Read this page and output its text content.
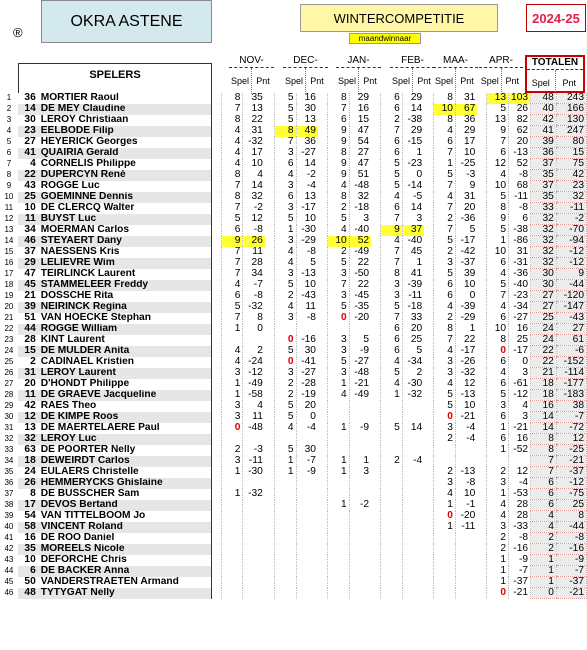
®
OKRA ASTENE	WINTERCOMPETITIE
maandwinnaar
2024-25
SPELERS
NOV-
Spel Pnt
DEC-
Spel Pnt
JAN-
Spel Pnt
FEB-
Spel Pnt
MAA-
Spel Pnt
APR-
Spel Pnt
TOTALEN
Spel	Pnt
1	36	MORTIER Raoul		8	35		5	16		8	29		6	29		8	31		13	103	48	243
2	14	DE MEY Claudine		7	13		5	30		7	16		6	14		10	67		5	26	40	166
3	30	LEROY Christiaan		8	22		5	13		6	15		2	-38		8	36		13	82	42	130
4	23	EELBODE Filip		4	31		8	49		9	47		7	29		4	29		9	62	41	247
5	27	HEYERICK Georges		4	-32		7	36		9	54		6	-15		6	17		7	20	39	80
6	41	QUAIRIA Gerald		4	17		3	-27		8	27		6	1		7	10		6	-13	36	15
7	4	CORNELIS Philippe		4	10		6	14		9	47		5	-23		1	-25		12	52	37	75
8	22	DUPERCYN René		8	4		4	-2		9	51		5	0		5	-3		4	-8	35	42
9	43	ROGGE Luc		7	14		3	-4		4	-48		5	-14		7	9		10	68	37	23
10	25	GOEMINNE Dennis		8	32		6	13		8	32		4	-5		4	31		5	-11	35	32
11	10	DE CLERCQ Walter		7	-2		3	-17		2	-18		6	14		7	20		8	-8	33	-11
12	11	BUYST Luc		5	12		5	10		5	3		7	3		2	-36		9	6	32	-2
13	34	MOERMAN Carlos		6	-8		1	-30		4	-40		9	37		7	5		5	-38	32	-70
14	46	STEYAERT Dany		9	26		3	-29		10	52		4	-40		5	-17		1	-86	32	-94
15	37	NAESSENS Kris		7	11		4	-8		2	-49		7	45		2	-42		10	31	32	-12
16	29	LELIEVRE Wim		7	28		4	5		5	22		7	1		3	-37		6	-31	32	-12
17	47	TEIRLINCK Laurent		7	34		3	-13		3	-50		8	41		5	39		4	-36	30	9
18	45	STAMMELEER Freddy		4	-7		5	10		7	22		3	-39		6	10		5	-40	30	-44
19	21	DOSSCHE Rita		6	-8		2	-43		3	-45		3	-11		6	0		7	-23	27	-120
20	39	NEIRINCK Regina		5	-32		4	11		5	-35		5	-18		4	-39		4	-34	27	-147
21	51	VAN HOECKE Stephan		7	8		3	-8		0	-20		7	33		2	-29		6	-27	25	-43
22	44	ROGGE William		1	0								6	20		8	1		10	16	24	27
23	28	KINT Laurent					0	-16		3	5		6	25		7	22		8	25	24	61
24	15	DE MULDER Anita		4	2		5	30		3	-9		6	5		4	-17		0	-17	22	-6
25	2	CADINAEL Kristien		4	-24		0	-41		5	-27		4	-34		3	-26		6	0	22	-152
26	31	LEROY Laurent		3	-12		3	-27		3	-48		5	2		3	-32		4	3	21	-114
27	20	D'HONDT Philippe		1	-49		2	-28		1	-21		4	-30		4	12		6	-61	18	-177
28	11	DE GRAEVE Jacqueline		1	-58		2	-19		4	-49		1	-32		5	-13		5	-12	18	-183
29	42	RAES Theo		3	4		5	20								5	10		3	4	16	38
30	12	DE KIMPE Roos		3	11		5	0								0	-21		6	3	14	-7
31	13	DE MAERTELAERE Paul		0	-48		4	-4		1	-9		5	14		3	-4		1	-21	14	-72
32	32	LEROY Luc														2	-4		6	16	8	12
33	63	DE POORTER Nelly		2	-3		5	30											1	-52	8	-25
34	18	DEWEIRDT Carlos		3	-11		1	-7		1	1		2	-4							7	-21
35	24	EULAERS Christelle		1	-30		1	-9		1	3					2	-13		2	12	7	-37
36	26	HEMMERYCKS Ghislaine														3	-8		3	-4	6	-12
37	8	DE BUSSCHER Sam		1	-32											4	10		1	-53	6	-75
38	17	DEVOS Bertand								1	-2					1	-1		4	28	6	25
39	54	VAN TITTELBOOM Jo														0	-20		4	28	4	8
40	58	VINCENT Roland														1	-11		3	-33	4	-44
41	16	DE ROO Daniel																	2	-8	2	-8
42	35	MOREELS Nicole																	2	-16	2	-16
43	10	DEFORCHE Chris																	1	-9	1	-9
44	6	DE BACKER Anna																	1	-7	1	-7
45	50	VANDERSTRAETEN Armand																	1	-37	1	-37
46	48	TYTYGAT Nelly																	0	-21	0	-21
